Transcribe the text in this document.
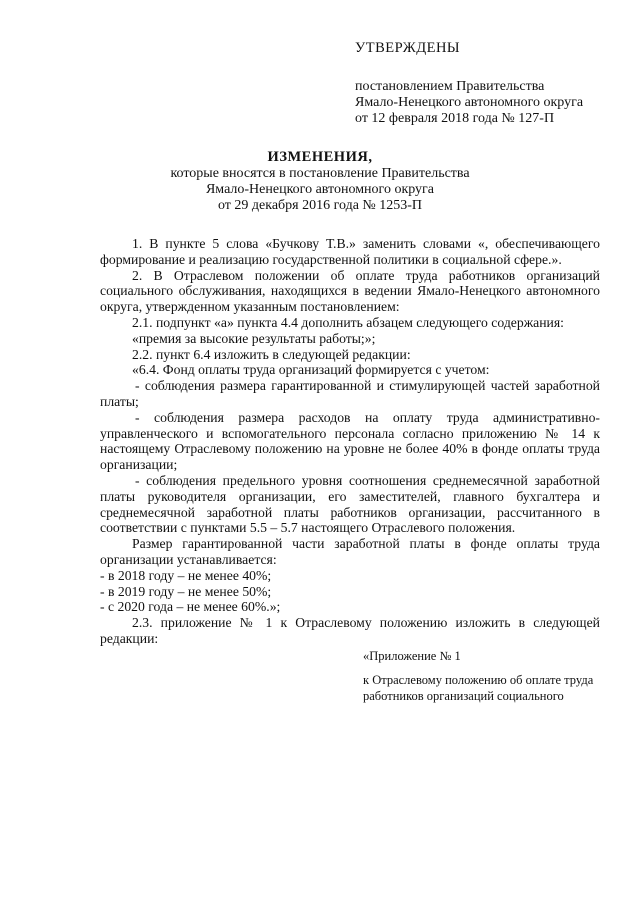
УТВЕРЖДЕНЫ
постановлением Правительства
Ямало-Ненецкого автономного округа
от 12 февраля 2018 года № 127-П
ИЗМЕНЕНИЯ,
которые вносятся в постановление Правительства
Ямало-Ненецкого автономного округа
от 29 декабря 2016 года № 1253-П

1. В пункте 5 слова «Бучкову Т.В.» заменить словами «, обеспечивающего формирование и реализацию государственной политики в социальной сфере.».

2. В Отраслевом положении об оплате труда работников организаций социального обслуживания, находящихся в ведении Ямало-Ненецкого автономного округа, утвержденном указанным постановлением:

2.1. подпункт «а» пункта 4.4 дополнить абзацем следующего содержания:

«премия за высокие результаты работы;»;

2.2. пункт 6.4 изложить в следующей редакции:

«6.4. Фонд оплаты труда организаций формируется с учетом:

- соблюдения размера гарантированной и стимулирующей частей заработной платы;

- соблюдения размера расходов на оплату труда административно-управленческого и вспомогательного персонала согласно приложению № 14 к настоящему Отраслевому положению на уровне не более 40% в фонде оплаты труда организации;

- соблюдения предельного уровня соотношения среднемесячной заработной платы руководителя организации, его заместителей, главного бухгалтера и среднемесячной заработной платы работников организации, рассчитанного в соответствии с пунктами 5.5 – 5.7 настоящего Отраслевого положения.

Размер гарантированной части заработной платы в фонде оплаты труда организации устанавливается:

- в 2018 году – не менее 40%;

- в 2019 году – не менее 50%;

- с 2020 года – не менее 60%.»;

2.3. приложение № 1 к Отраслевому положению изложить в следующей редакции:

«Приложение № 1
к Отраслевому положению об оплате труда
работников организаций социального
